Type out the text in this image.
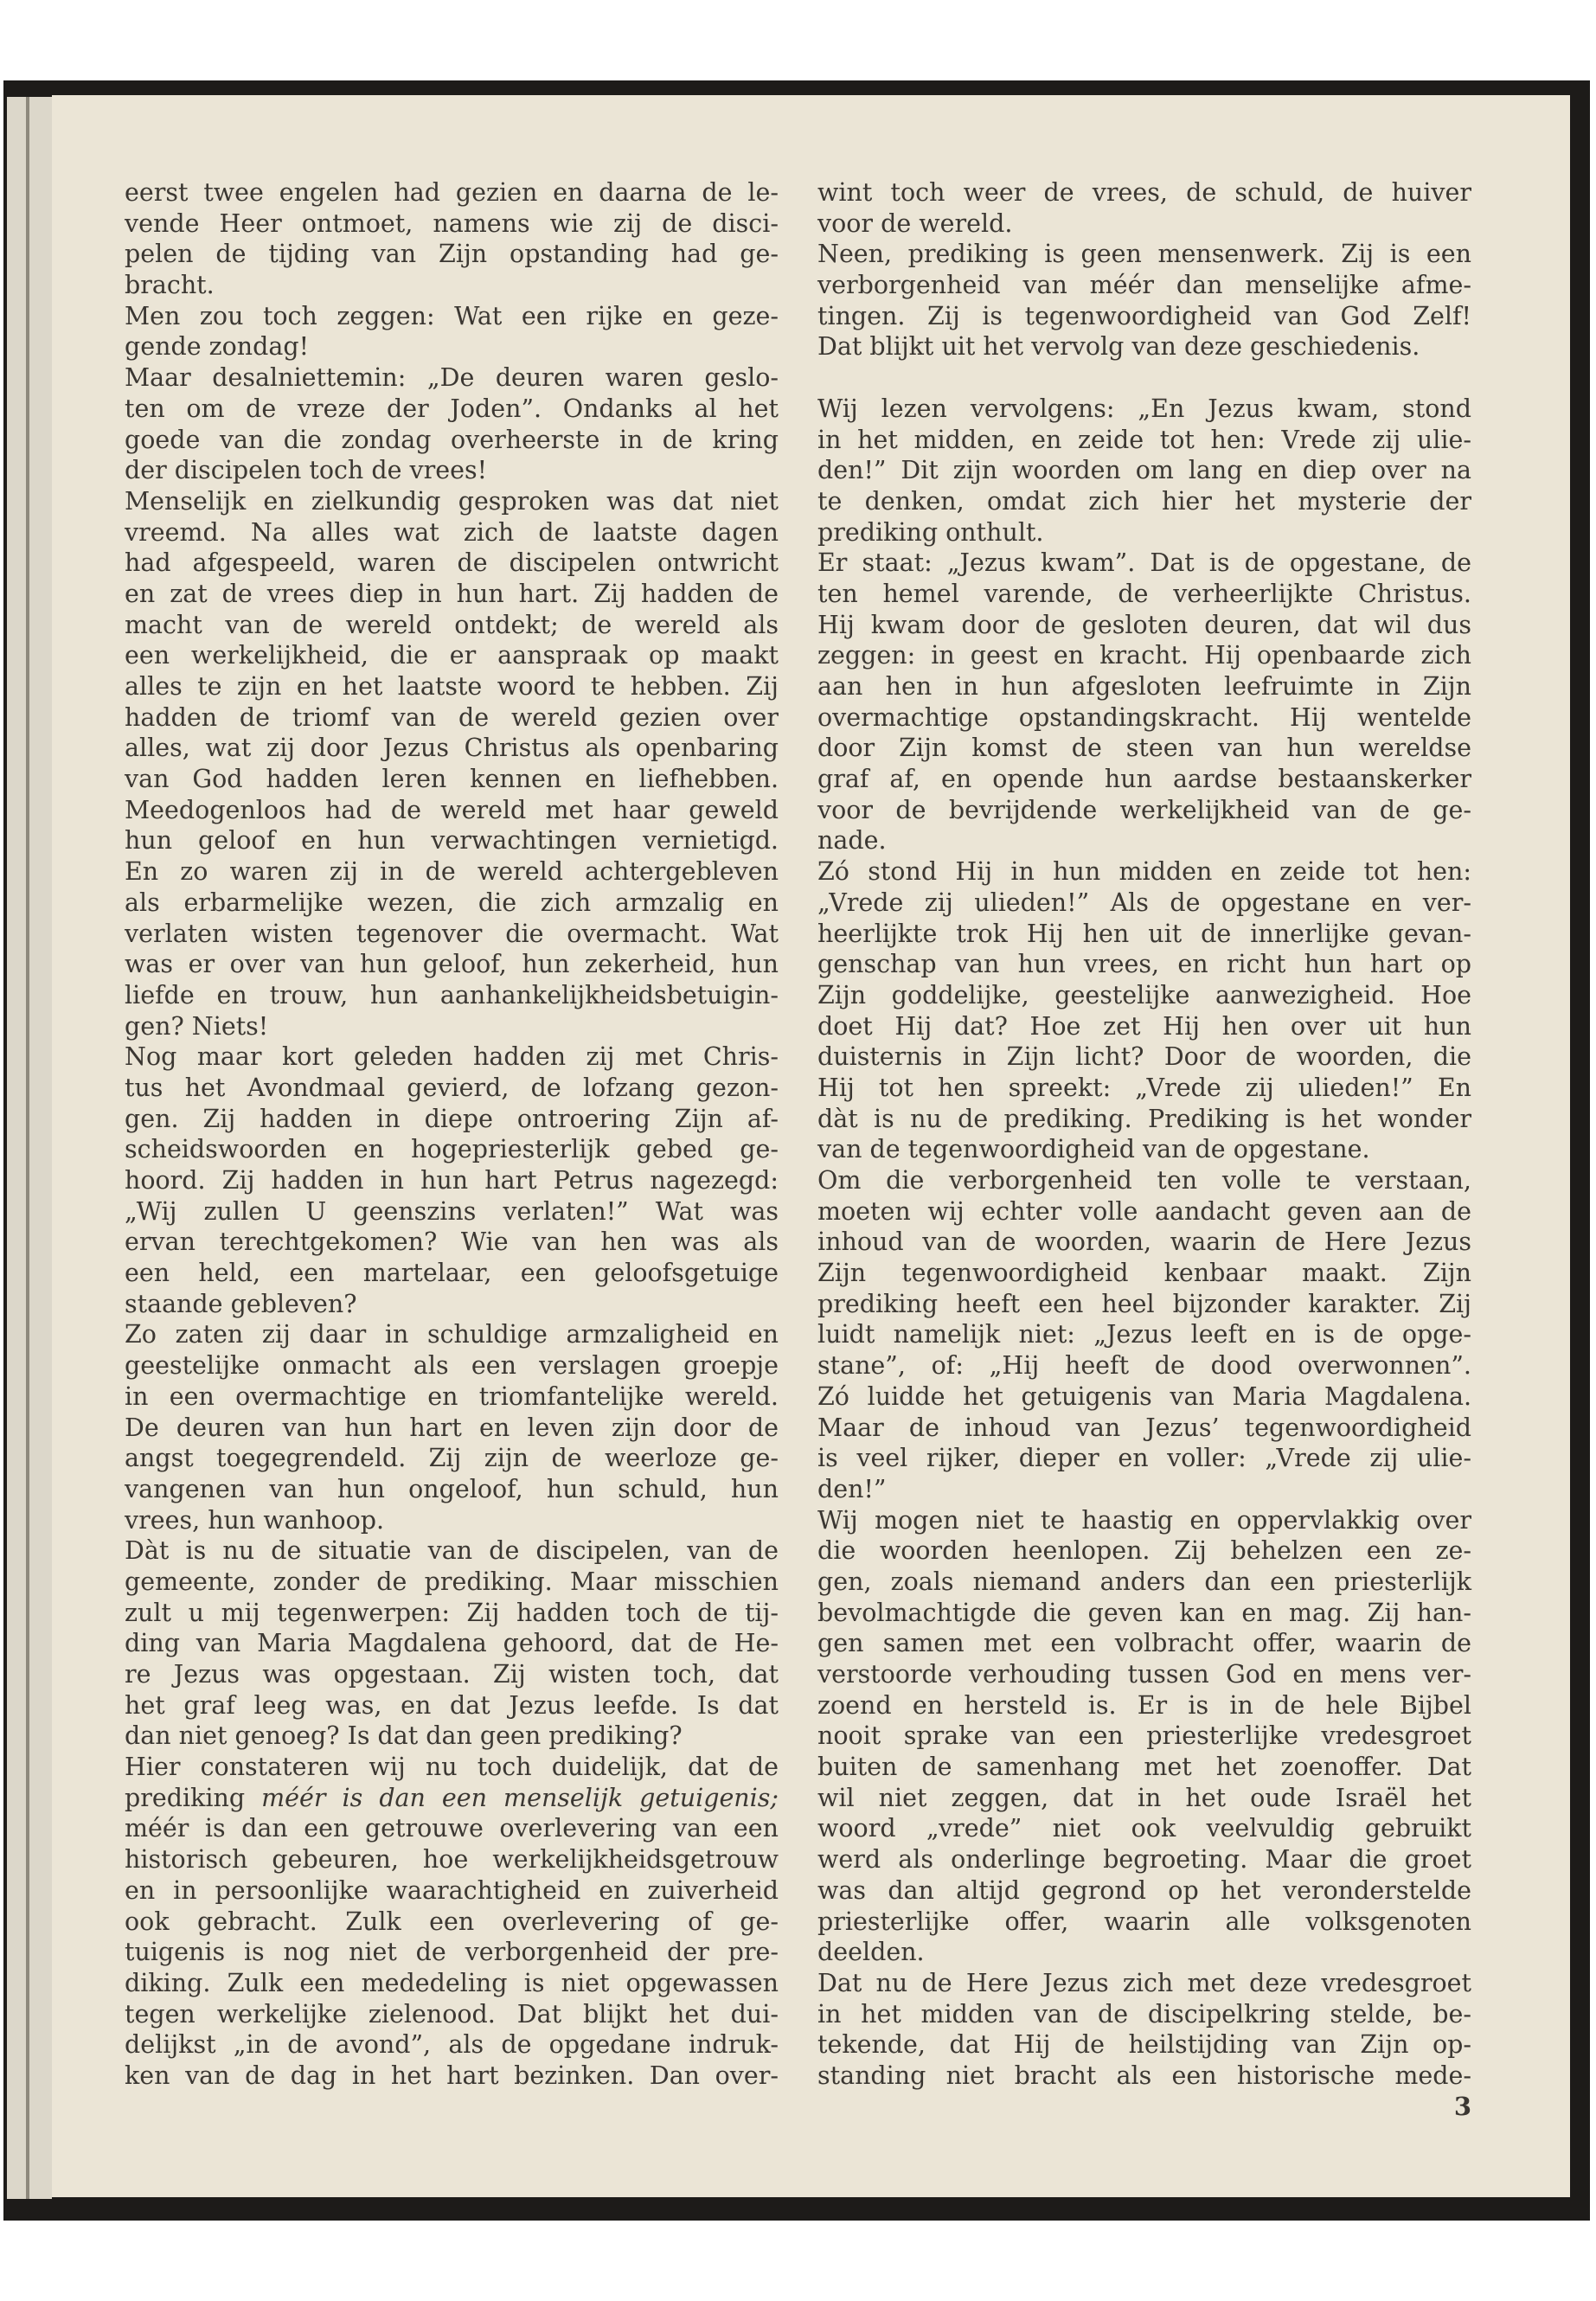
eerst twee engelen had gezien en daarna de le-
vende Heer ontmoet, namens wie zij de disci-
pelen de tijding van Zijn opstanding had ge-
bracht.
Men zou toch zeggen: Wat een rijke en geze-
gende zondag!
Maar desalniettemin: „De deuren waren geslo-
ten om de vreze der Joden”. Ondanks al het
goede van die zondag overheerste in de kring
der discipelen toch de vrees!
Menselijk en zielkundig gesproken was dat niet
vreemd. Na alles wat zich de laatste dagen
had afgespeeld, waren de discipelen ontwricht
en zat de vrees diep in hun hart. Zij hadden de
macht van de wereld ontdekt; de wereld als
een werkelijkheid, die er aanspraak op maakt
alles te zijn en het laatste woord te hebben. Zij
hadden de triomf van de wereld gezien over
alles, wat zij door Jezus Christus als openbaring
van God hadden leren kennen en liefhebben.
Meedogenloos had de wereld met haar geweld
hun geloof en hun verwachtingen vernietigd.
En zo waren zij in de wereld achtergebleven
als erbarmelijke wezen, die zich armzalig en
verlaten wisten tegenover die overmacht. Wat
was er over van hun geloof, hun zekerheid, hun
liefde en trouw, hun aanhankelijkheidsbetuigin-
gen? Niets!
Nog maar kort geleden hadden zij met Chris-
tus het Avondmaal gevierd, de lofzang gezon-
gen. Zij hadden in diepe ontroering Zijn af-
scheidswoorden en hogepriesterlijk gebed ge-
hoord. Zij hadden in hun hart Petrus nagezegd:
„Wij zullen U geenszins verlaten!” Wat was
ervan terechtgekomen? Wie van hen was als
een held, een martelaar, een geloofsgetuige
staande gebleven?
Zo zaten zij daar in schuldige armzaligheid en
geestelijke onmacht als een verslagen groepje
in een overmachtige en triomfantelijke wereld.
De deuren van hun hart en leven zijn door de
angst toegegrendeld. Zij zijn de weerloze ge-
vangenen van hun ongeloof, hun schuld, hun
vrees, hun wanhoop.
Dàt is nu de situatie van de discipelen, van de
gemeente, zonder de prediking. Maar misschien
zult u mij tegenwerpen: Zij hadden toch de tij-
ding van Maria Magdalena gehoord, dat de He-
re Jezus was opgestaan. Zij wisten toch, dat
het graf leeg was, en dat Jezus leefde. Is dat
dan niet genoeg? Is dat dan geen prediking?
Hier constateren wij nu toch duidelijk, dat de
prediking méér is dan een menselijk getuigenis;
méér is dan een getrouwe overlevering van een
historisch gebeuren, hoe werkelijkheidsgetrouw
en in persoonlijke waarachtigheid en zuiverheid
ook gebracht. Zulk een overlevering of ge-
tuigenis is nog niet de verborgenheid der pre-
diking. Zulk een mededeling is niet opgewassen
tegen werkelijke zielenood. Dat blijkt het dui-
delijkst „in de avond”, als de opgedane indruk-
ken van de dag in het hart bezinken. Dan over-
wint toch weer de vrees, de schuld, de huiver
voor de wereld.
Neen, prediking is geen mensenwerk. Zij is een
verborgenheid van méér dan menselijke afme-
tingen. Zij is tegenwoordigheid van God Zelf!
Dat blijkt uit het vervolg van deze geschiedenis.
Wij lezen vervolgens: „En Jezus kwam, stond
in het midden, en zeide tot hen: Vrede zij ulie-
den!” Dit zijn woorden om lang en diep over na
te denken, omdat zich hier het mysterie der
prediking onthult.
Er staat: „Jezus kwam”. Dat is de opgestane, de
ten hemel varende, de verheerlijkte Christus.
Hij kwam door de gesloten deuren, dat wil dus
zeggen: in geest en kracht. Hij openbaarde zich
aan hen in hun afgesloten leefruimte in Zijn
overmachtige opstandingskracht. Hij wentelde
door Zijn komst de steen van hun wereldse
graf af, en opende hun aardse bestaanskerker
voor de bevrijdende werkelijkheid van de ge-
nade.
Zó stond Hij in hun midden en zeide tot hen:
„Vrede zij ulieden!” Als de opgestane en ver-
heerlijkte trok Hij hen uit de innerlijke gevan-
genschap van hun vrees, en richt hun hart op
Zijn goddelijke, geestelijke aanwezigheid. Hoe
doet Hij dat? Hoe zet Hij hen over uit hun
duisternis in Zijn licht? Door de woorden, die
Hij tot hen spreekt: „Vrede zij ulieden!” En
dàt is nu de prediking. Prediking is het wonder
van de tegenwoordigheid van de opgestane.
Om die verborgenheid ten volle te verstaan,
moeten wij echter volle aandacht geven aan de
inhoud van de woorden, waarin de Here Jezus
Zijn tegenwoordigheid kenbaar maakt. Zijn
prediking heeft een heel bijzonder karakter. Zij
luidt namelijk niet: „Jezus leeft en is de opge-
stane”, of: „Hij heeft de dood overwonnen”.
Zó luidde het getuigenis van Maria Magdalena.
Maar de inhoud van Jezus’ tegenwoordigheid
is veel rijker, dieper en voller: „Vrede zij ulie-
den!”
Wij mogen niet te haastig en oppervlakkig over
die woorden heenlopen. Zij behelzen een ze-
gen, zoals niemand anders dan een priesterlijk
bevolmachtigde die geven kan en mag. Zij han-
gen samen met een volbracht offer, waarin de
verstoorde verhouding tussen God en mens ver-
zoend en hersteld is. Er is in de hele Bijbel
nooit sprake van een priesterlijke vredesgroet
buiten de samenhang met het zoenoffer. Dat
wil niet zeggen, dat in het oude Israël het
woord „vrede” niet ook veelvuldig gebruikt
werd als onderlinge begroeting. Maar die groet
was dan altijd gegrond op het veronderstelde
priesterlijke offer, waarin alle volksgenoten
deelden.
Dat nu de Here Jezus zich met deze vredesgroet
in het midden van de discipelkring stelde, be-
tekende, dat Hij de heilstijding van Zijn op-
standing niet bracht als een historische mede-
3
